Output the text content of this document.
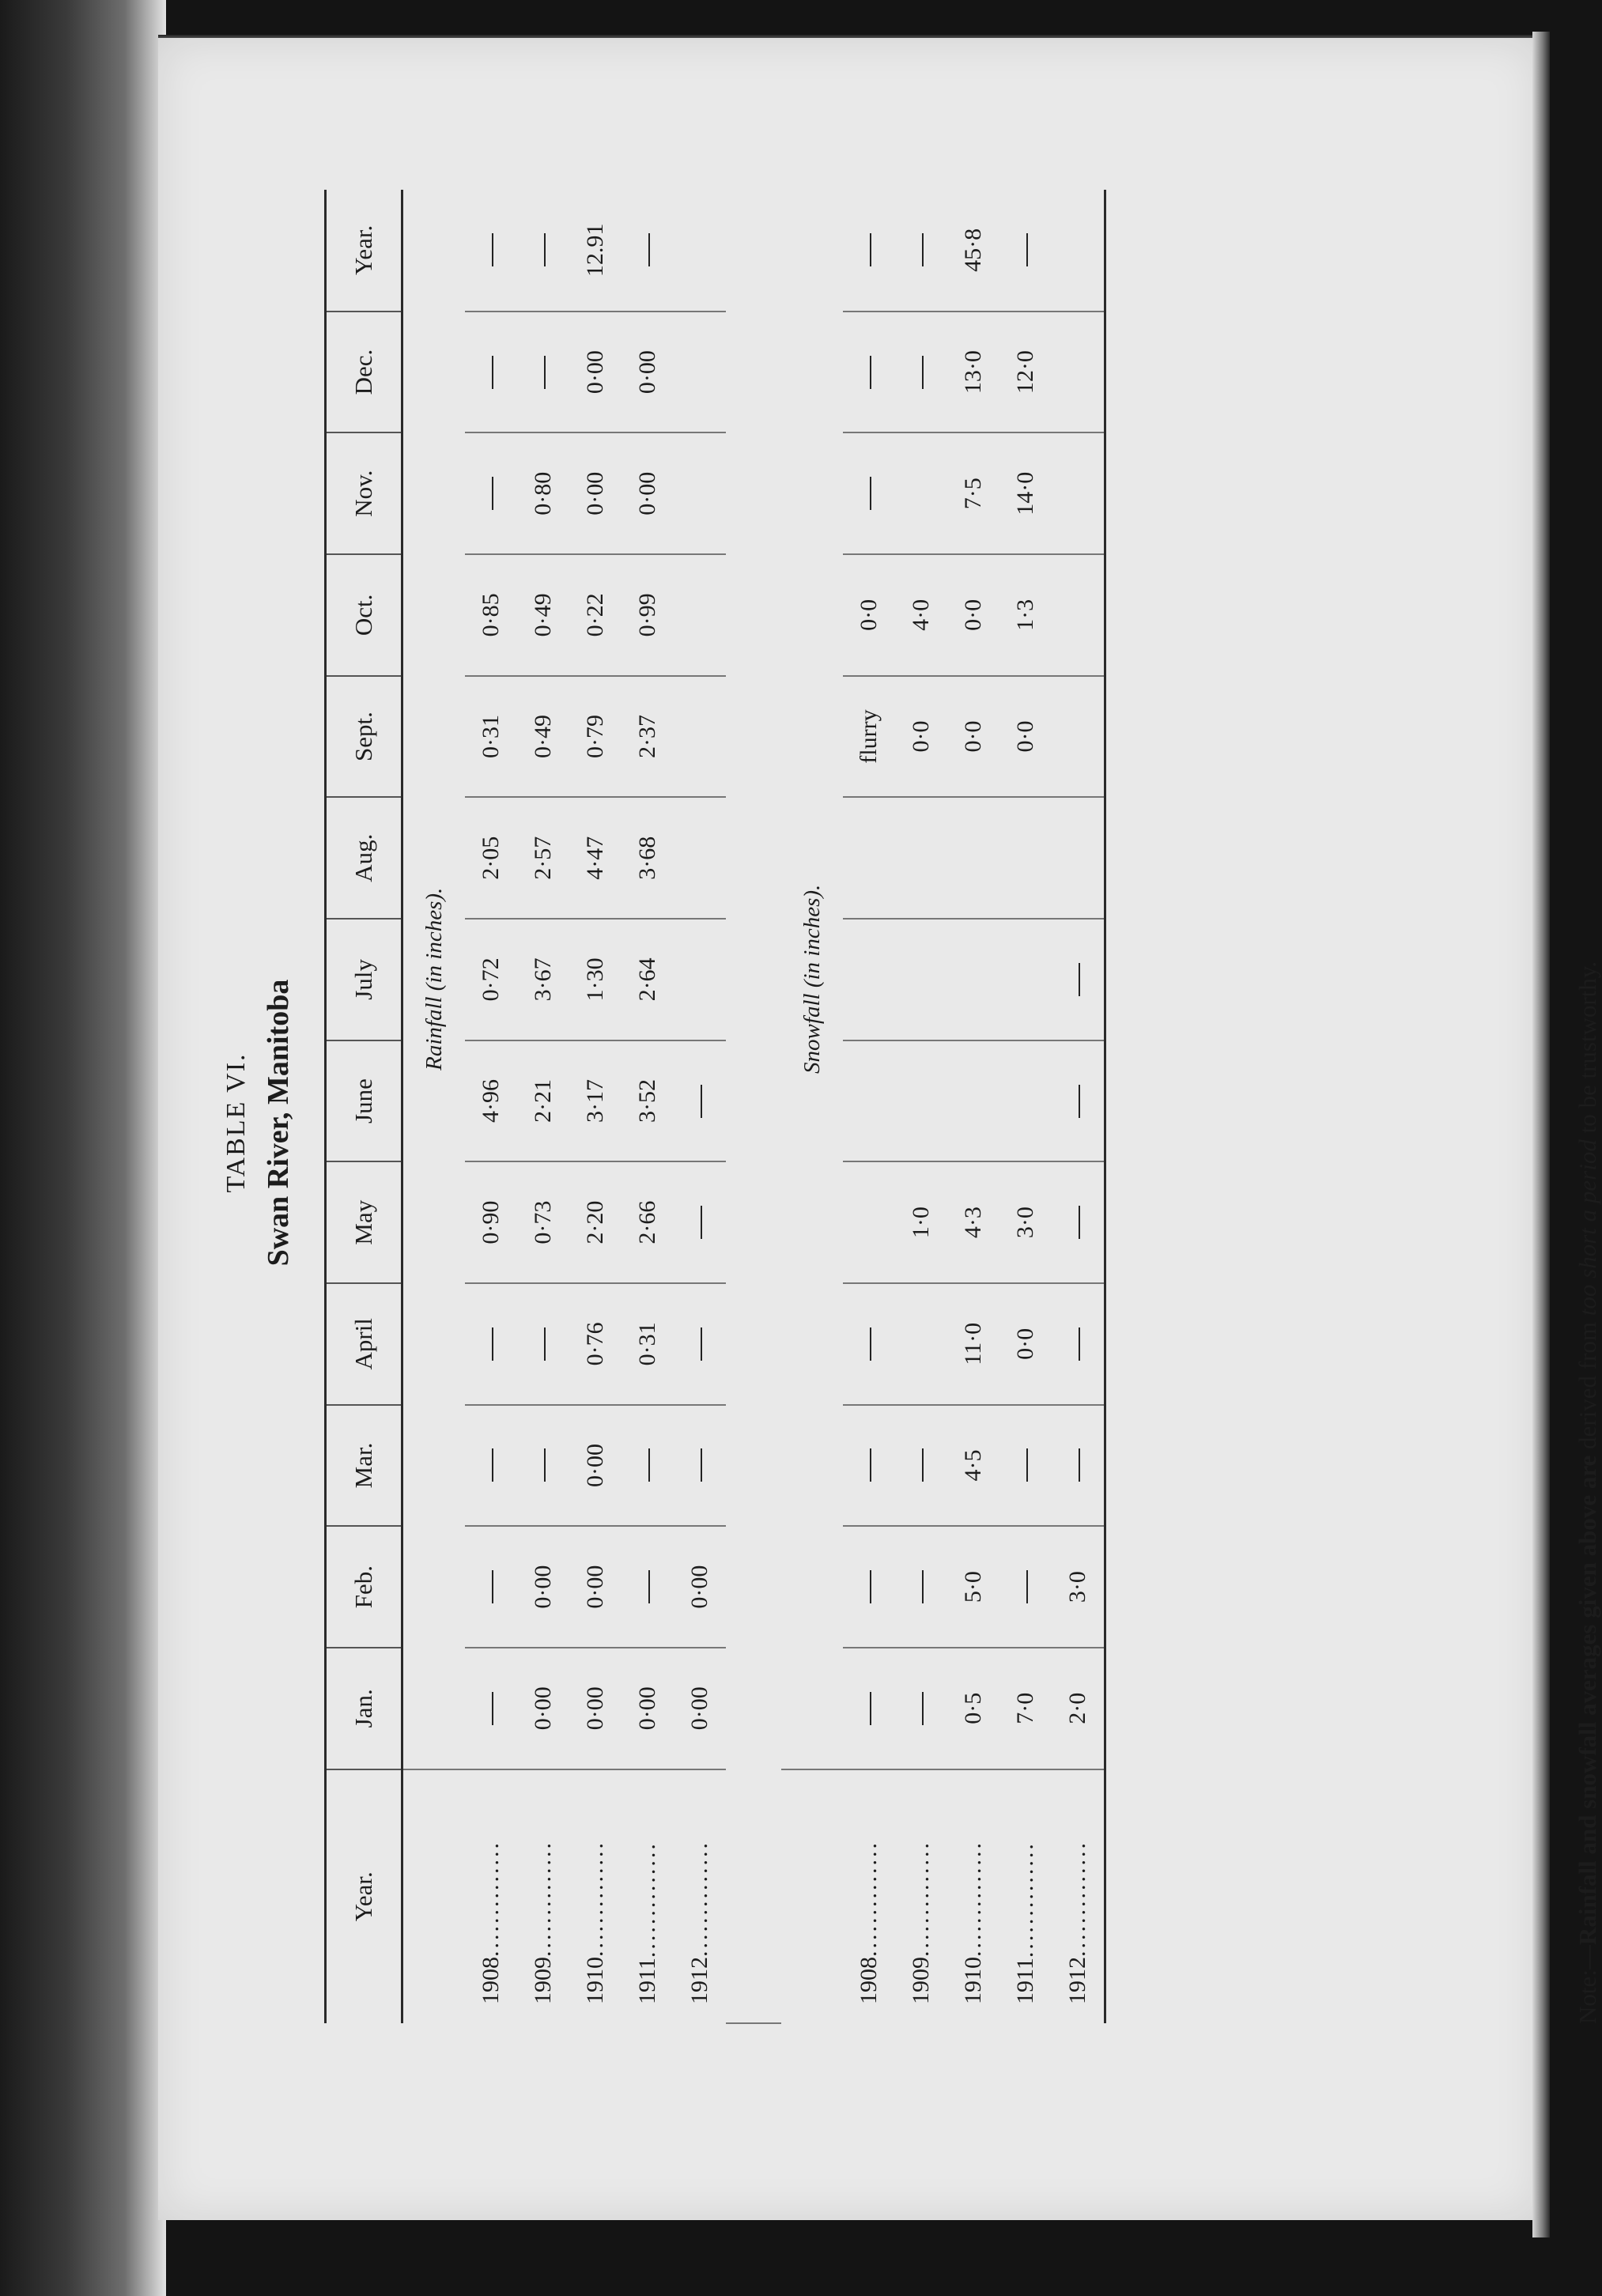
TABLE VI. Swan River, Manitoba
Year.	Jan.	Feb.	Mar.	April	May	June	July	Aug.	Sept.	Oct.	Nov.	Dec.	Year.
	Rainfall (in inches).												
1908..............					0·90	4·96	0·72	2·05	0·31	0·85			
1909..............	0·00	0·00			0·73	2·21	3·67	2·57	0·49	0·49	0·80		
1910..............	0·00	0·00	0·00	0·76	2·20	3·17	1·30	4·47	0·79	0·22	0·00	0·00	12.91
1911..............	0·00			0·31	2·66	3·52	2·64	3·68	2·37	0·99	0·00	0·00	
1912..............	0·00	0·00											

	Snowfall (in inches).												
1908..............									flurry	0·0			
1909..............					1·0				0·0	4·0			
1910..............	0·5	5·0	4·5	11·0	4·3				0·0	0·0	7·5	13·0	45·8
1911..............	7·0			0·0	3·0				0·0	1·3	14·0	12·0	
1912..............	2·0	3·0											
Note:—Rainfall and snowfall averages given above are derived from too short a period to be trustworthy.
